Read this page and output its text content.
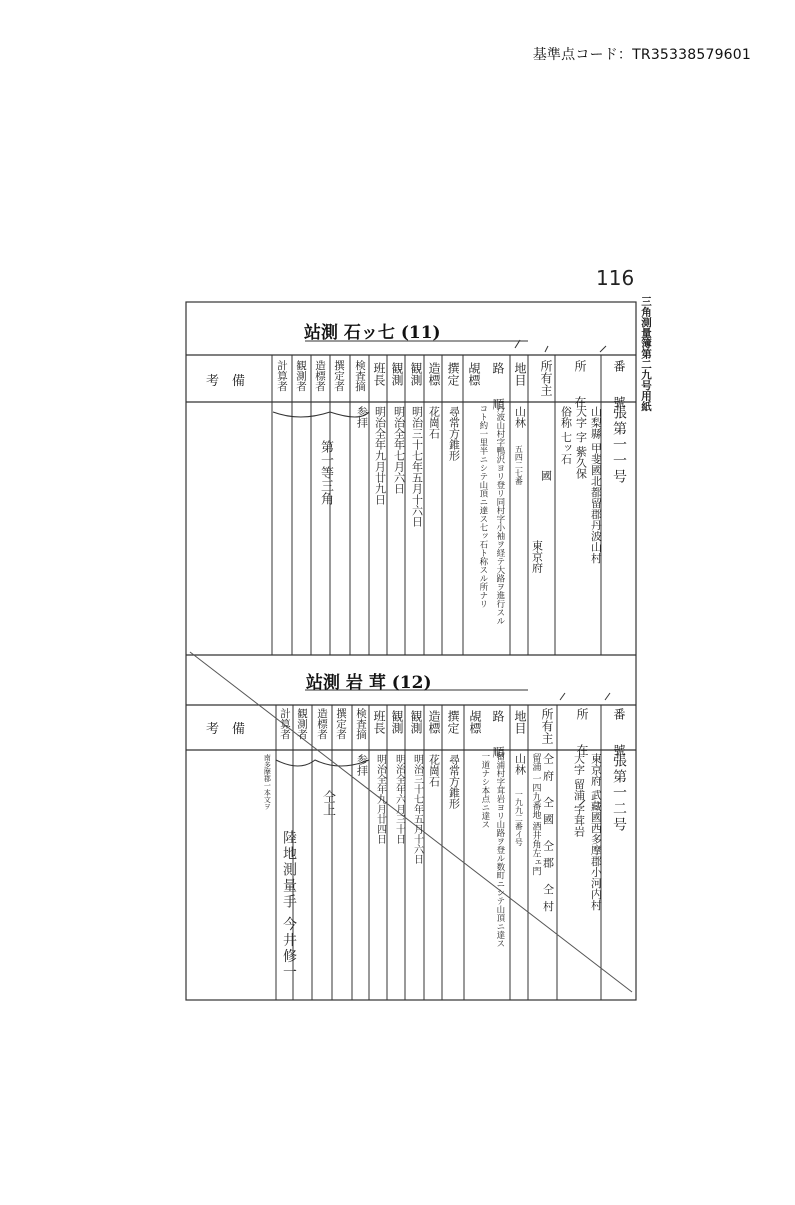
基準点コード：TR35338579601
116
三角測量簿第二九号用紙
站測 石ッ七 (11)
考　備	計算者 観測者 造標者 撰定者 検査摘 班長 観測 観測 造標 撰定 覘標 路　順 地目 所有主 所　在 番　號
張第一一号
山梨縣 甲斐國北都留郡丹波山村
大字 字 紫久保
俗称 七ッ石
國
東京府
山林
五四二七番
丹波山村字鴨沢ヨリ登リ同村字小袖ヲ経テ大路ヲ進行スル
コト約一里半ニシテ山頂ニ達ス七ッ石ト称スル所ナリ
尋常方錐形
花崗石
明治三十七年五月十六日
明治全年七月六日
明治全年九月廿九日
参拝
第一等三角
站測 岩 茸 (12)
考　備	計算者 観測者 造標者 撰定者 検査摘 班長 観測 観測 造標 撰定 覘標 路　順 地目 所有主 所　在 番　號
張第一二号
東京府 武藏國西多摩郡小河内村
大字 留浦 字茸岩
仝府 仝國 仝郡 仝村
留浦 一四九番地 酒井角左ェ門
山林
一九九二番イ号
留浦村字茸岩ヨリ山路ヲ登ル数町ニシテ山頂ニ達ス
一道ナシ本点ニ達ス
尋常方錐形
花崗石
明治三十七年五月十六日
明治全年六月三十日
明治全年九月廿四日
参拝
仝上
南多摩郡一本文ヲ
陸地測量手 今井修一
